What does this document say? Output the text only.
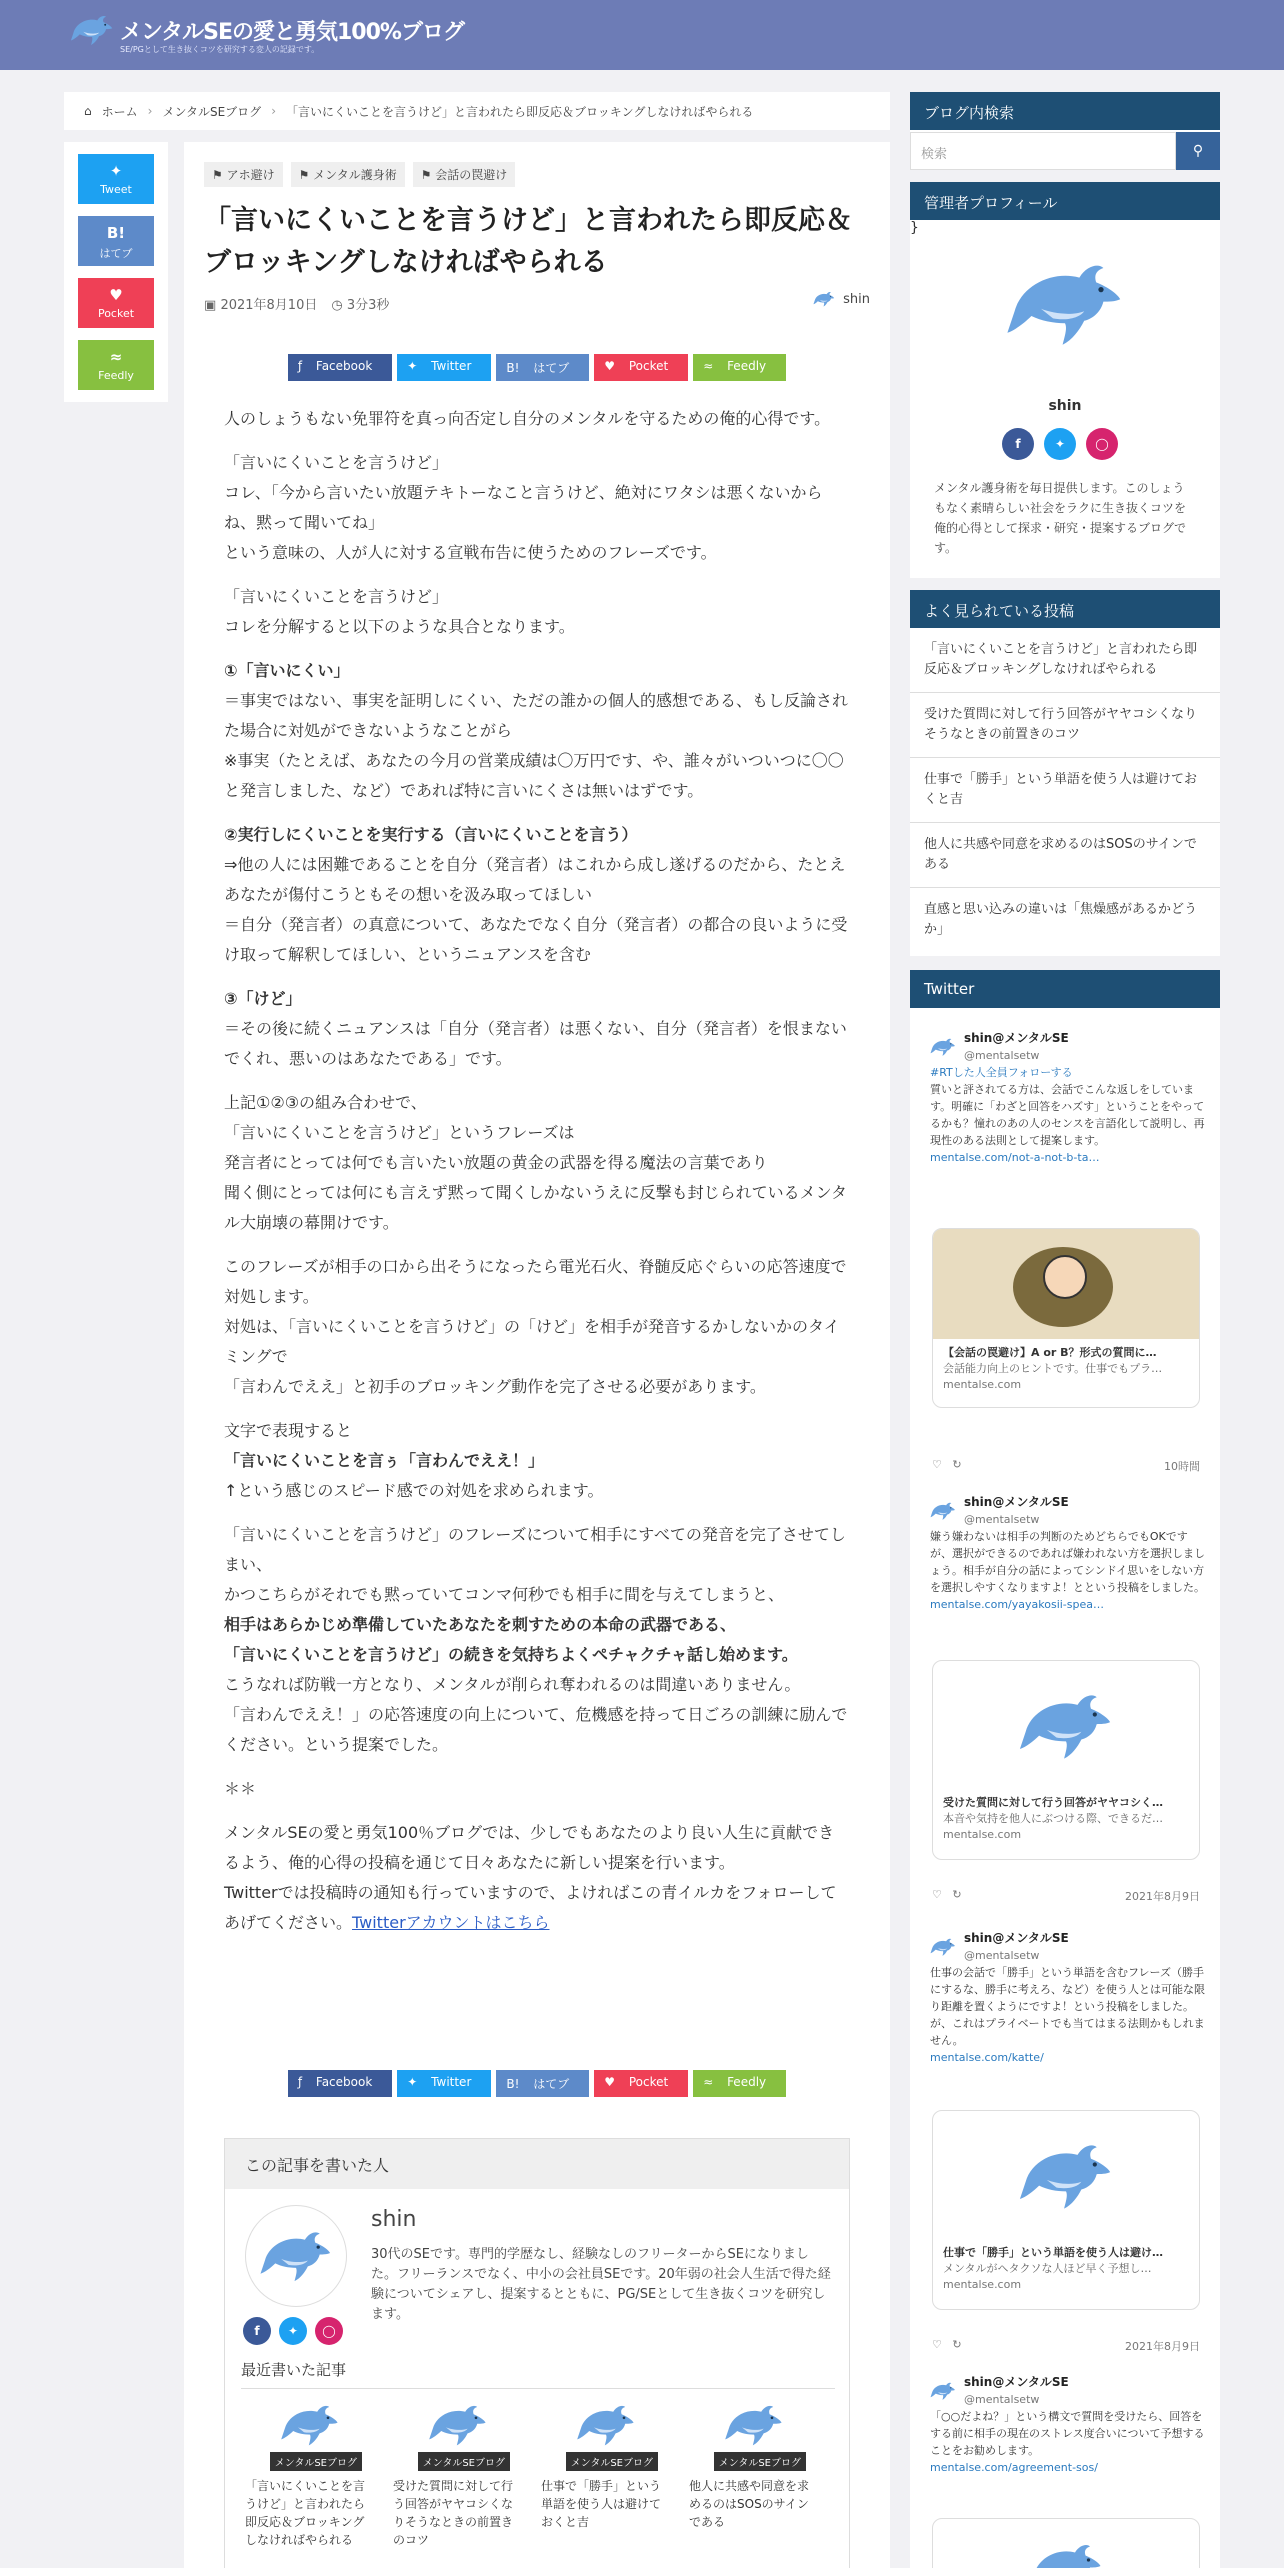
メンタルSEの愛と勇気100%ブログ
SE/PGとして生き抜くコツを研究する変人の記録です。
⌂ ホーム › メンタルSEブログ › 「言いにくいことを言うけど」と言われたら即反応＆ブロッキングしなければやられる
✦
Tweet
B!
はてブ
♥
Pocket
≈
Feedly
⚑ アホ避け	⚑ メンタル護身術	⚑ 会話の罠避け
「言いにくいことを言うけど」と言われたら即反応＆ブロッキングしなければやられる
▣ 2021年8月10日 ◷ 3分3秒	shin
ƒ Facebook	✦ Twitter	B! はてブ	♥ Pocket	≈ Feedly

人のしょうもない免罪符を真っ向否定し自分のメンタルを守るための俺的心得です。

「言いにくいことを言うけど」
コレ、「今から言いたい放題テキトーなこと言うけど、絶対にワタシは悪くないからね、黙って聞いてね」
という意味の、人が人に対する宣戦布告に使うためのフレーズです。

「言いにくいことを言うけど」
コレを分解すると以下のような具合となります。

①「言いにくい」
＝事実ではない、事実を証明しにくい、ただの誰かの個人的感想である、もし反論された場合に対処ができないようなことがら
※事実（たとえば、あなたの今月の営業成績は〇万円です、や、誰々がいついつに〇〇と発言しました、など）であれば特に言いにくさは無いはずです。

②実行しにくいことを実行する（言いにくいことを言う）
⇒他の人には困難であることを自分（発言者）はこれから成し遂げるのだから、たとえあなたが傷付こうともその想いを汲み取ってほしい
＝自分（発言者）の真意について、あなたでなく自分（発言者）の都合の良いように受け取って解釈してほしい、というニュアンスを含む

③「けど」
＝その後に続くニュアンスは「自分（発言者）は悪くない、自分（発言者）を恨まないでくれ、悪いのはあなたである」です。

上記①②③の組み合わせで、
「言いにくいことを言うけど」というフレーズは
発言者にとっては何でも言いたい放題の黄金の武器を得る魔法の言葉であり
聞く側にとっては何にも言えず黙って聞くしかないうえに反撃も封じられているメンタル大崩壊の幕開けです。

このフレーズが相手の口から出そうになったら電光石火、脊髄反応ぐらいの応答速度で対処します。
対処は、「言いにくいことを言うけど」の「けど」を相手が発音するかしないかのタイミングで
「言わんでええ」と初手のブロッキング動作を完了させる必要があります。

文字で表現すると
「言いにくいことを言ぅ「言わんでええ！」
↑という感じのスピード感での対処を求められます。

「言いにくいことを言うけど」のフレーズについて相手にすべての発音を完了させてしまい、
かつこちらがそれでも黙っていてコンマ何秒でも相手に間を与えてしまうと、
相手はあらかじめ準備していたあなたを刺すための本命の武器である、
「言いにくいことを言うけど」の続きを気持ちよくペチャクチャ話し始めます。
こうなれば防戦一方となり、メンタルが削られ奪われるのは間違いありません。
「言わんでええ！」の応答速度の向上について、危機感を持って日ごろの訓練に励んでください。という提案でした。

＊＊

メンタルSEの愛と勇気100％ブログでは、少しでもあなたのより良い人生に貢献できるよう、俺的心得の投稿を通じて日々あなたに新しい提案を行います。
Twitterでは投稿時の通知も行っていますので、よければこの青イルカをフォローしてあげてください。Twitterアカウントはこちら

ƒ Facebook	✦ Twitter	B! はてブ	♥ Pocket	≈ Feedly
この記事を書いた人
shin
30代のSEです。専門的学歴なし、経験なしのフリーターからSEになりました。フリーランスでなく、中小の会社員SEです。20年弱の社会人生活で得た経験についてシェアし、提案するとともに、PG/SEとして生き抜くコツを研究します。
f	✦	◯
最近書いた記事
メンタルSEブログ
「言いにくいことを言うけど」と言われたら即反応＆ブロッキングしなければやられる
メンタルSEブログ
受けた質問に対して行う回答がヤヤコシくなりそうなときの前置きのコツ
メンタルSEブログ
仕事で「勝手」という単語を使う人は避けておくと吉
メンタルSEブログ
他人に共感や同意を求めるのはSOSのサインである
ブログ内検索
検索	⚲
管理者プロフィール
shin
f	✦	◯
メンタル護身術を毎日提供します。このしょうもなく素晴らしい社会をラクに生き抜くコツを俺的心得として探求・研究・提案するブログです。
}
よく見られている投稿
「言いにくいことを言うけど」と言われたら即反応＆ブロッキングしなければやられる
受けた質問に対して行う回答がヤヤコシくなりそうなときの前置きのコツ
仕事で「勝手」という単語を使う人は避けておくと吉
他人に共感や同意を求めるのはSOSのサインである
直感と思い込みの違いは「焦燥感があるかどうか」
Twitter
shin@メンタルSE
@mentalsetw
#RTした人全員フォローする
質いと評されてる方は、会話でこんな返しをしています。明確に「わざと回答をハズす」ということをやってるかも？憧れのあの人のセンスを言語化して説明し、再現性のある法則として提案します。
mentalse.com/not-a-not-b-ta…
【会話の罠避け】A or B？形式の質問に…
会話能力向上のヒントです。仕事でもプラ…
mentalse.com
♡   ↻	10時間
shin@メンタルSE
@mentalsetw
嫌う嫌わないは相手の判断のためどちらでもOKですが、選択ができるのであれば嫌われない方を選択しましょう。相手が自分の話によってシンドイ思いをしない方を選択しやすくなりますよ！とという投稿をしました。
mentalse.com/yayakosii-spea…
受けた質問に対して行う回答がヤヤコシく…
本音や気持を他人にぶつける際、できるだ…
mentalse.com
♡   ↻	2021年8月9日
shin@メンタルSE
@mentalsetw
仕事の会話で「勝手」という単語を含むフレーズ（勝手にするな、勝手に考えろ、など）を使う人とは可能な限り距離を置くようにですよ！という投稿をしました。が、これはプライベートでも当てはまる法則かもしれません。
mentalse.com/katte/
仕事で「勝手」という単語を使う人は避け…
メンタルがヘタクソな人ほど早く予想し…
mentalse.com
♡   ↻	2021年8月9日
shin@メンタルSE
@mentalsetw
「○○だよね？」という構文で質問を受けたら、回答をする前に相手の現在のストレス度合いについて予想することをお勧めします。
mentalse.com/agreement-sos/
